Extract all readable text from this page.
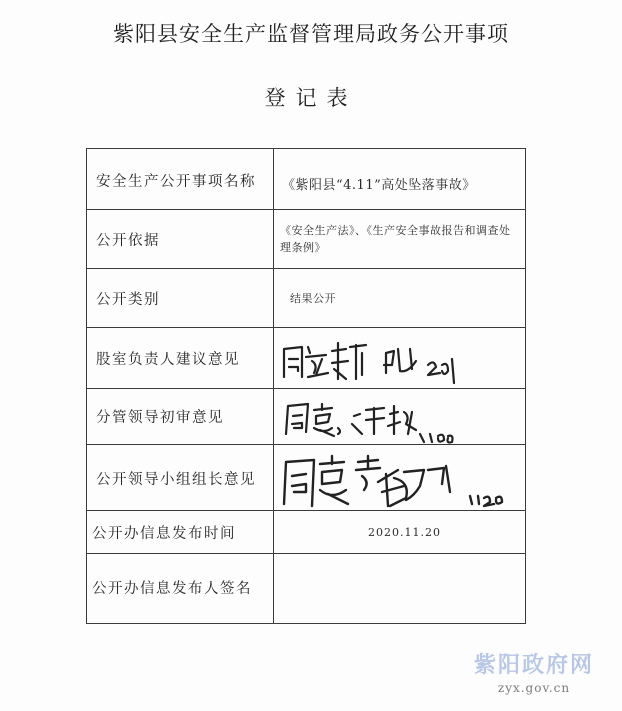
紫阳县安全生产监督管理局政务公开事项
登记表
安全生产公开事项名称
公开依据
公开类别
股室负责人建议意见
分管领导初审意见
公开领导小组组长意见
公开办信息发布时间
公开办信息发布人签名
《紫阳县“4.11”高处坠落事故》
《安全生产法》、《生产安全事故报告和调查处理条例》
结果公开
2020.11.20
紫阳政府网
zyx.gov.cn
